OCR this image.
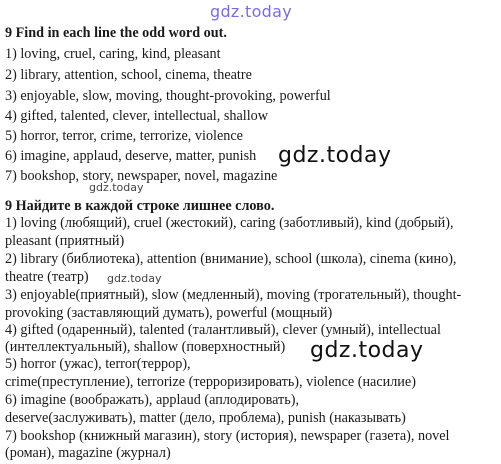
gdz.today
9 Find in each line the odd word out.
1) loving, cruel, caring, kind, pleasant
2) library, attention, school, cinema, theatre
3) enjoyable, slow, moving, thought-provoking, powerful
4) gifted, talented, clever, intellectual, shallow
5) horror, terror, crime, terrorize, violence
6) imagine, applaud, deserve, matter, punish gdz.today
7) bookshop, story, newspaper, novel, magazine
gdz.today
9 Найдите в каждой строке лишнее слово.
1) loving (любящий), cruel (жестокий), caring (заботливый), kind (добрый),
pleasant (приятный)
2) library (библиотека), attention (внимание), school (школа), cinema (кино),
theatre (театр) gdz.today
3) enjoyable(приятный), slow (медленный), moving (трогательный), thought-
provoking (заставляющий думать), powerful (мощный)
4) gifted (одаренный), talented (талантливый), clever (умный), intellectual
(интеллектуальный), shallow (поверхностный) gdz.today
5) horror (ужас), terror(террор),
crime(преступление), terrorize (терроризировать), violence (насилие)
6) imagine (воображать), applaud (аплодировать),
deserve(заслуживать), matter (дело, проблема), punish (наказывать)
7) bookshop (книжный магазин), story (история), newspaper (газета), novel
(роман), magazine (журнал)
